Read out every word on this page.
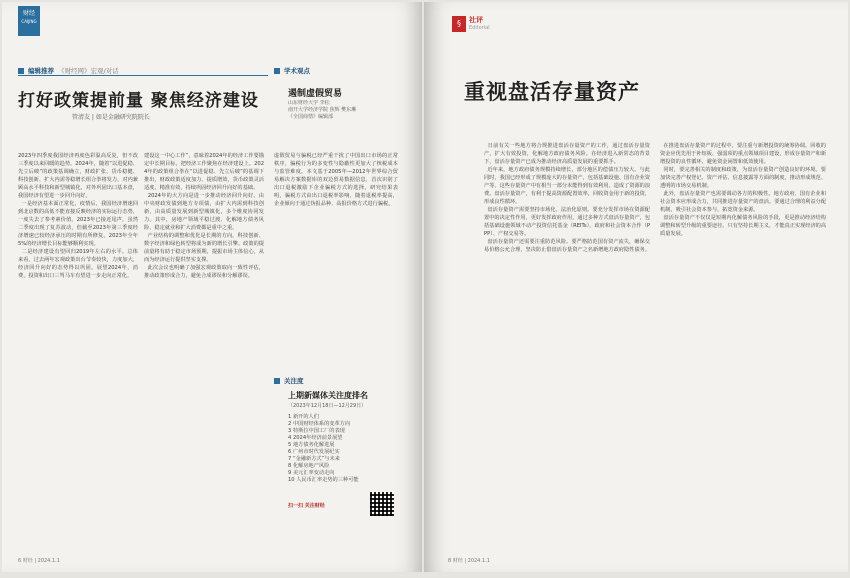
财经
CAIJING
编辑推荐 《财经网》宏观/对话
打好政策提前量 聚焦经济建设
管清友 | 如是金融研究院院长
2023年四季度我国经济再度色彩温高反复，但不改三季度以来回暖的趋势。2024年，随着“以进促稳、先立后破”的政策基调确立，财政扩张、货币稳健、科技创新、扩大内需等稳增长组合拳将发力，对内兼顾高水平科技和新型城镇化，对外巩固出口基本盘，我国经济有望进一步回升向好。
一是经济基本面正常化，疫情后，我国经济增速回到北京数的高低不能直接反映经济的实际运行态势，一度失去了参考素价值。2023年已接近尾声，虽然二季度出现了复苏波动，但截至2023年第三季度经济增速已较经济承压的时期有所修复。2023年全年5%的经济增长目标能够顺利实现。
二是经济建设有望回归2019年左右的水平。总体来看，过去两年宏观政策出台节奏较快，力度加大，经济回升向好的态势得以巩固。展望2024年，消费、投资和出口三驾马车有望进一步走向正常化。
建设这一中心工作”，意味着2024年的经济工作要锚定中长期目标，把经济工作聚焦在经济建设上。2024年的政策组合拳在“以进促稳、先立后破”的基调下推出，财政政策适度加力、提质增效，货币政策灵活适度、精准有效，持续巩固经济回升向好的基础。
2024年的大方向是进一步推动经济回升向好。由中央财政发债到地方专项债，由扩大内需到科技创新，由高质量发展到新型城镇化，多个维度协同发力。其中，房地产领域平稳过渡、化解地方债务风险、稳定就业和扩大消费都是重中之重。
产业结构的调整和优化是长期的方向。科技创新、数字经济和绿色转型将成为新的增长引擎。政策的提前量将有助于稳定市场预期，提振市场主体信心，从而为经济运行提供坚实支撑。
此次会议也明确了加强宏观政策取向一致性评估，推动政策形成合力，避免合成谬误和分解谬误。
学术观点
遏制虚假贸易
山东财经大学 李松
南开大学经济学院 焦辉 樊东琳
《全国商情》编辑部
虚假贸易与骗税已经严重干扰了中国出口市场的正常秩序，骗税行为的多变性与隐蔽性更加大了核税成本与监管难度。本文基于2005年—2012年世界综合贸易解决方案数据库的双边贸易数据信息，首次识别了出口退税激励下企业骗税方式的选择，研究结果表明，骗税方式由出口退税率影响，随着退税率提高，企业倾向于通过伪报品种、高报价格方式进行骗税。
关注度
上期新媒体关注度排名
（2023年12月18日—12月29日）
1 新开的人们
2 中国财经体系的变革方向
3 特斯拉中国工厂的表现
4 2024年经济前景展望
5 地方债务化解进展
6 广州市时代发展纪实
7 “金融新方式”与未来
8 化解房地产风险
9 美元汇率变动走向
10 人民币汇率走势的三种可能
扫一扫 关注财经
6 财经 | 2024.1.1
§	社评
Editorial
重视盘活存量资产
日前有关一些地方将合规推进盘活存量资产的工作，通过盘活存量资产，扩大有效投资，化解地方政府债务风险。在经济进入新常态的背景下，盘活存量资产已成为推动经济高质量发展的重要抓手。
近年来，地方政府债务规模持续增长，部分地区的偿债压力较大。与此同时，我国已经形成了规模庞大的存量资产，包括基础设施、国有企业资产等。这些存量资产中有相当一部分未能得到有效利用，造成了资源的浪费。盘活存量资产，有利于提高资源配置效率，回收资金用于新的投资，形成良性循环。
盘活存量资产需要坚持市场化、法治化原则。要充分发挥市场在资源配置中的决定性作用，更好发挥政府作用，通过多种方式盘活存量资产，包括基础设施领域不动产投资信托基金（REITs）、政府和社会资本合作（PPP）、产权交易等。
盘活存量资产还需要注重防范风险。要严格防范国有资产流失，确保交易价格公允合理，坚决防止借盘活存量资产之名新增地方政府隐性债务。
在推进盘活存量资产的过程中，要注重与新增投资的统筹协调。回收的资金应优先用于补短板、强弱项的重点领域项目建设，形成存量资产和新增投资的良性循环，避免资金闲置和低效使用。
同时，要完善相关的制度和政策，为盘活存量资产创造良好的环境。要加快完善产权登记、资产评估、信息披露等方面的制度，推动形成规范、透明的市场交易机制。
此外，盘活存量资产也需要调动各方的积极性。地方政府、国有企业和社会资本应形成合力，共同推进存量资产的盘活。要通过合理的利益分配机制，吸引社会资本参与，拓宽资金来源。
盘活存量资产不仅仅是短期内化解债务风险的手段，更是推动经济结构调整和转型升级的重要途径。只有坚持长期主义，才能真正实现经济的高质量发展。
8 财经 | 2024.1.1
